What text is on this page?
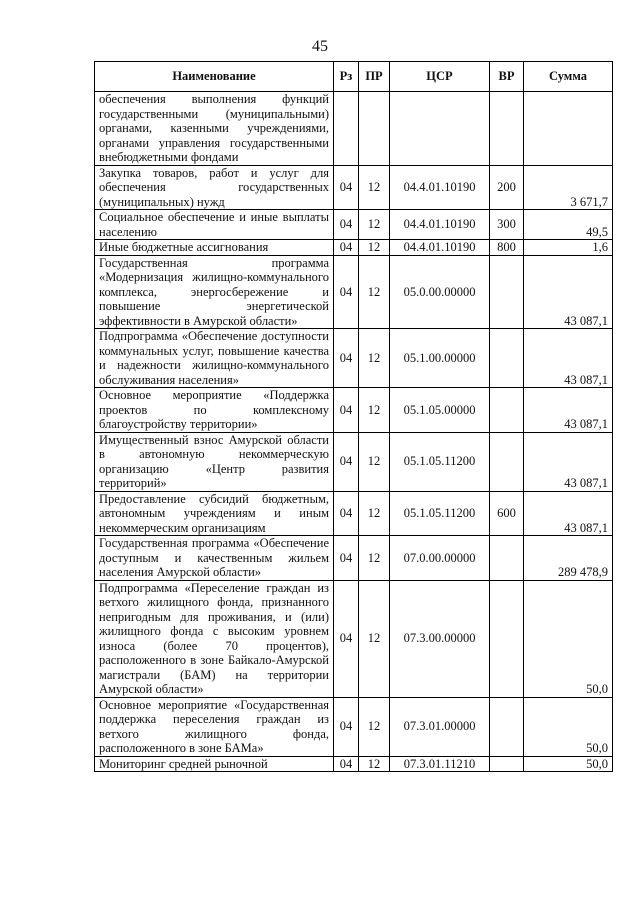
45
Наименование	Рз	ПР	ЦСР	ВР	Сумма
обеспечения выполнения функций государственными (муниципальными) органами, казенными учреждениями, органами управления государственными внебюджетными фондами					
Закупка товаров, работ и услуг для обеспечения государственных (муниципальных) нужд	04	12	04.4.01.10190	200	3 671,7
Социальное обеспечение и иные выплаты населению	04	12	04.4.01.10190	300	49,5
Иные бюджетные ассигнования	04	12	04.4.01.10190	800	1,6
Государственная программа «Модернизация жилищно-коммунального комплекса, энергосбережение и повышение энергетической эффективности в Амурской области»	04	12	05.0.00.00000		43 087,1
Подпрограмма «Обеспечение доступности коммунальных услуг, повышение качества и надежности жилищно-коммунального обслуживания населения»	04	12	05.1.00.00000		43 087,1
Основное мероприятие «Поддержка проектов по комплексному благоустройству территории»	04	12	05.1.05.00000		43 087,1
Имущественный взнос Амурской области в автономную некоммерческую организацию «Центр развития территорий»	04	12	05.1.05.11200		43 087,1
Предоставление субсидий бюджетным, автономным учреждениям и иным некоммерческим организациям	04	12	05.1.05.11200	600	43 087,1
Государственная программа «Обеспечение доступным и качественным жильем населения Амурской области»	04	12	07.0.00.00000		289 478,9
Подпрограмма «Переселение граждан из ветхого жилищного фонда, признанного непригодным для проживания, и (или) жилищного фонда с высоким уровнем износа (более 70 процентов), расположенного в зоне Байкало-Амурской магистрали (БАМ) на территории Амурской области»	04	12	07.3.00.00000		50,0
Основное мероприятие «Государственная поддержка переселения граждан из ветхого жилищного фонда, расположенного в зоне БАМа»	04	12	07.3.01.00000		50,0
Мониторинг средней рыночной	04	12	07.3.01.11210		50,0
